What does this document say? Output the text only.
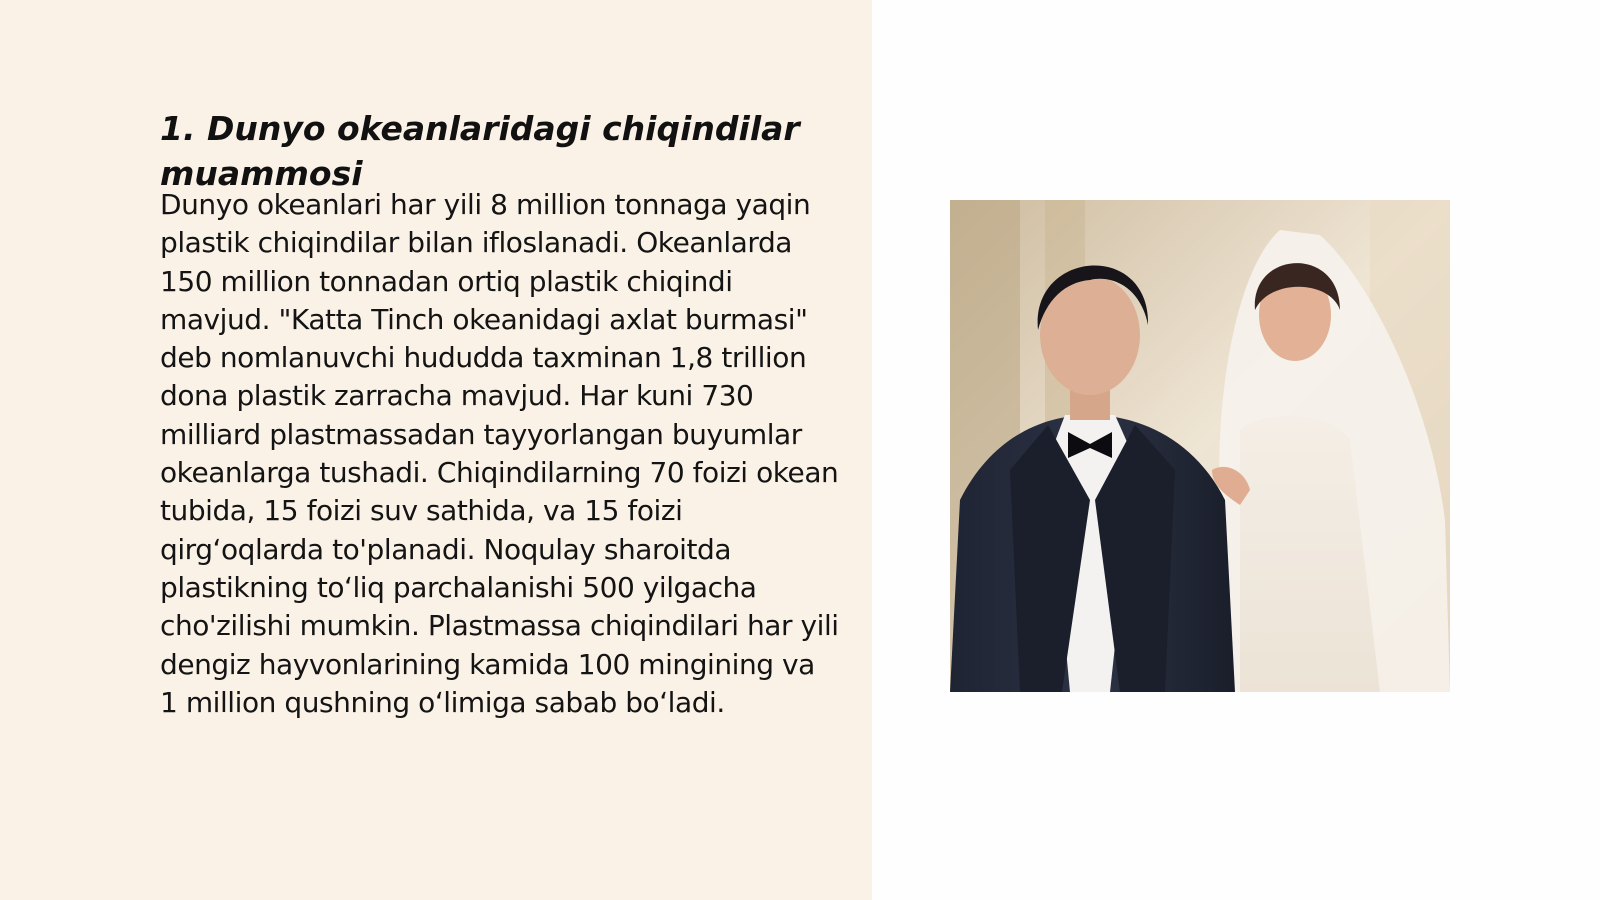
1. Dunyo okeanlaridagi chiqindilar muammosi

Dunyo okeanlari har yili 8 million tonnaga yaqin plastik chiqindilar bilan ifloslanadi. Okeanlarda 150 million tonnadan ortiq plastik chiqindi mavjud. "Katta Tinch okeanidagi axlat burmasi" deb nomlanuvchi hududda taxminan 1,8 trillion dona plastik zarracha mavjud. Har kuni 730 milliard plastmassadan tayyorlangan buyumlar okeanlarga tushadi. Chiqindilarning 70 foizi okean tubida, 15 foizi suv sathida, va 15 foizi qirgʻoqlarda to'planadi. Noqulay sharoitda plastikning toʻliq parchalanishi 500 yilgacha cho'zilishi mumkin. Plastmassa chiqindilari har yili dengiz hayvonlarining kamida 100 mingining va 1 million qushning oʻlimiga sabab boʻladi.
